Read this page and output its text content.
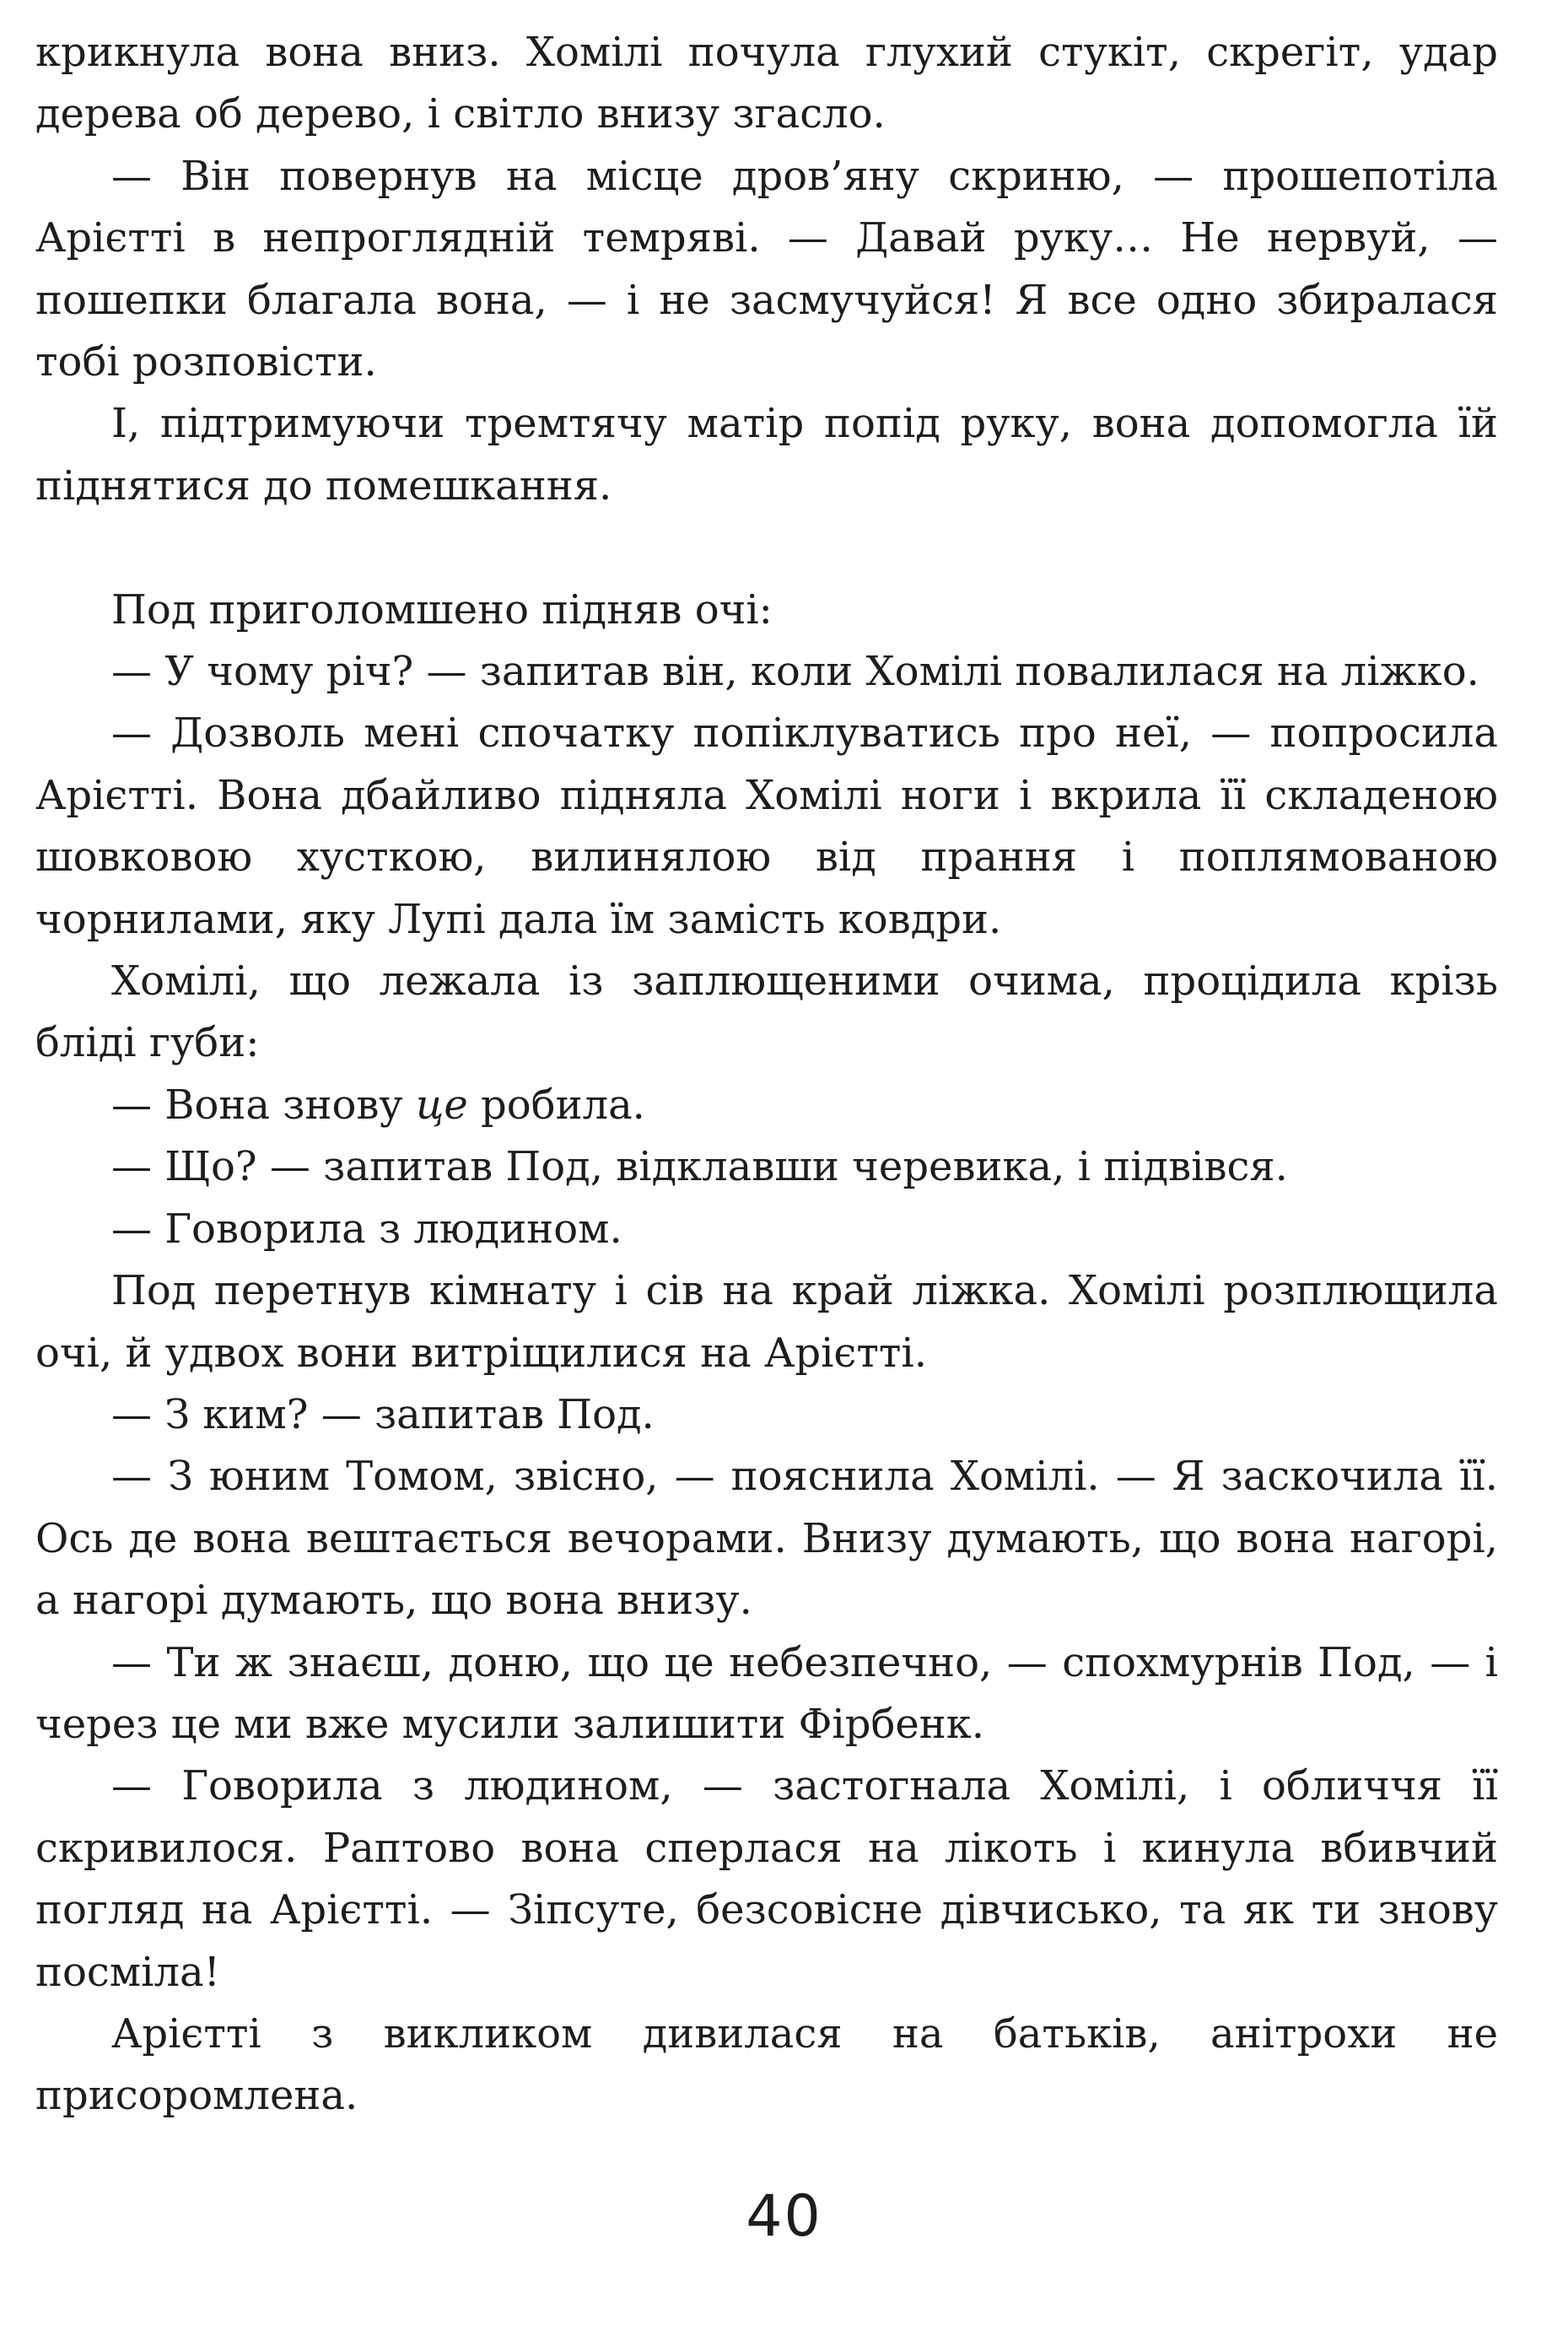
крикнула вона вниз. Хомілі почула глухий стукіт, скрегіт, удар дерева об дерево, і світло внизу згасло.

— Він повернув на місце дров’яну скриню, — прошепотіла Арієтті в непроглядній темряві. — Давай руку… Не нервуй, — пошепки благала вона, — і не засмучуйся! Я все одно збиралася тобі розповісти.

І, підтримуючи тремтячу матір попід руку, вона допомогла їй піднятися до помешкання.

Под приголомшено підняв очі:

— У чому річ? — запитав він, коли Хомілі повалилася на ліжко.

— Дозволь мені спочатку попіклуватись про неї, — попросила Арієтті. Вона дбайливо підняла Хомілі ноги і вкрила її складеною шовковою хусткою, вилинялою від прання і поплямованою чорнилами, яку Лупі дала їм замість ковдри.

Хомілі, що лежала із заплющеними очима, процідила крізь бліді губи:

— Вона знову це робила.

— Що? — запитав Под, відклавши черевика, і підвівся.

— Говорила з людином.

Под перетнув кімнату і сів на край ліжка. Хомілі розплющила очі, й удвох вони витріщилися на Арієтті.

— З ким? — запитав Под.

— З юним Томом, звісно, — пояснила Хомілі. — Я заскочила її. Ось де вона вештається вечорами. Внизу думають, що вона нагорі, а нагорі думають, що вона внизу.

— Ти ж знаєш, доню, що це небезпечно, — спохмурнів Под, — і через це ми вже мусили залишити Фірбенк.

— Говорила з людином, — застогнала Хомілі, і обличчя її скривилося. Раптово вона сперлася на лікоть і кинула вбивчий погляд на Арієтті. — Зіпсуте, безсовісне дівчисько, та як ти знову посміла!

Арієтті з викликом дивилася на батьків, анітрохи не присоромлена.

40
